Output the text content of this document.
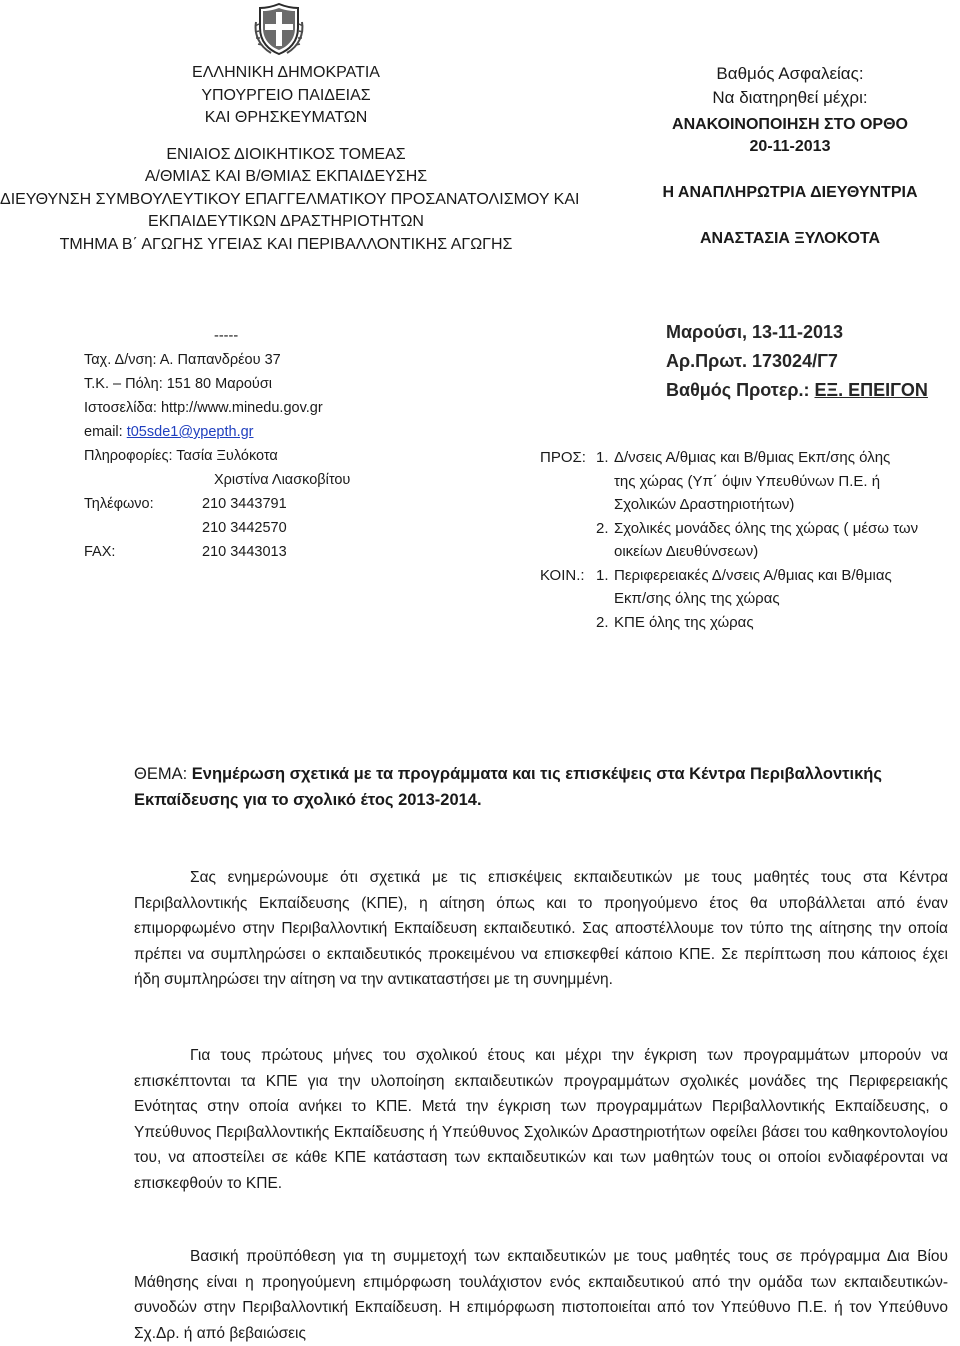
ΕΛΛΗΝΙΚΗ ΔΗΜΟΚΡΑΤΙΑ
ΥΠΟΥΡΓΕΙΟ ΠΑΙΔΕΙΑΣ
ΚΑΙ ΘΡΗΣΚΕΥΜΑΤΩΝ
ΕΝΙΑΙΟΣ ΔΙΟΙΚΗΤΙΚΟΣ ΤΟΜΕΑΣ
Α/ΘΜΙΑΣ ΚΑΙ Β/ΘΜΙΑΣ ΕΚΠΑΙΔΕΥΣΗΣ
ΔΙΕΥΘΥΝΣΗ ΣΥΜΒΟΥΛΕΥΤΙΚΟΥ ΕΠΑΓΓΕΛΜΑΤΙΚΟΥ ΠΡΟΣΑΝΑΤΟΛΙΣΜΟΥ ΚΑΙ
ΕΚΠΑΙΔΕΥΤΙΚΩΝ ΔΡΑΣΤΗΡΙΟΤΗΤΩΝ
ΤΜΗΜΑ Β΄ ΑΓΩΓΗΣ ΥΓΕΙΑΣ ΚΑΙ ΠΕΡΙΒΑΛΛΟΝΤΙΚΗΣ ΑΓΩΓΗΣ
Βαθμός Ασφαλείας:
Να διατηρηθεί μέχρι:
ΑΝΑΚΟΙΝΟΠΟΙΗΣΗ ΣΤΟ ΟΡΘΟ
20-11-2013
Η ΑΝΑΠΛΗΡΩΤΡΙΑ ΔΙΕΥΘΥΝΤΡΙΑ
ΑΝΑΣΤΑΣΙΑ ΞΥΛΟΚΟΤΑ
-----
Ταχ. Δ/νση: Α. Παπανδρέου 37
Τ.Κ. – Πόλη: 151 80 Μαρούσι
Ιστοσελίδα: http://www.minedu.gov.gr
email: t05sde1@ypepth.gr
Πληροφορίες: Τασία Ξυλόκοτα
Χριστίνα Λιασκοβίτου
Τηλέφωνο:	210 3443791
210 3442570
FAX:	210 3443013
Μαρούσι, 13-11-2013
Αρ.Πρωτ. 173024/Γ7
Βαθμός Προτερ.: ΕΞ. ΕΠΕΙΓΟΝ
ΠΡΟΣ: 1. Δ/νσεις Α/θμιας και Β/θμιας Εκπ/σης όλης
της χώρας (Υπ΄ όψιν Υπευθύνων Π.Ε. ή
Σχολικών Δραστηριοτήτων)
2. Σχολικές μονάδες όλης της χώρας ( μέσω των
οικείων Διευθύνσεων)
ΚΟΙΝ.: 1. Περιφερειακές Δ/νσεις Α/θμιας και Β/θμιας
Εκπ/σης όλης της χώρας
2. ΚΠΕ όλης της χώρας
ΘΕΜΑ: Ενημέρωση σχετικά με τα προγράμματα και τις επισκέψεις στα Κέντρα Περιβαλλοντικής Εκπαίδευσης για το σχολικό έτος 2013-2014.

Σας ενημερώνουμε ότι σχετικά με τις επισκέψεις εκπαιδευτικών με τους μαθητές τους στα Κέντρα Περιβαλλοντικής Εκπαίδευσης (ΚΠΕ), η αίτηση όπως και το προηγούμενο έτος θα υποβάλλεται από έναν επιμορφωμένο στην Περιβαλλοντική Εκπαίδευση εκπαιδευτικό. Σας αποστέλλουμε τον τύπο της αίτησης την οποία πρέπει να συμπληρώσει ο εκπαιδευτικός προκειμένου να επισκεφθεί κάποιο ΚΠΕ. Σε περίπτωση που κάποιος έχει ήδη συμπληρώσει την αίτηση να την αντικαταστήσει με τη συνημμένη.

Για τους πρώτους μήνες του σχολικού έτους και μέχρι την έγκριση των προγραμμάτων μπορούν να επισκέπτονται τα ΚΠΕ για την υλοποίηση εκπαιδευτικών προγραμμάτων σχολικές μονάδες της Περιφερειακής Ενότητας στην οποία ανήκει το ΚΠΕ. Μετά την έγκριση των προγραμμάτων Περιβαλλοντικής Εκπαίδευσης, ο Υπεύθυνος Περιβαλλοντικής Εκπαίδευσης ή Υπεύθυνος Σχολικών Δραστηριοτήτων οφείλει βάσει του καθηκοντολογίου του, να αποστείλει σε κάθε ΚΠΕ κατάσταση των εκπαιδευτικών και των μαθητών τους οι οποίοι ενδιαφέρονται να επισκεφθούν το ΚΠΕ.

Βασική προϋπόθεση για τη συμμετοχή των εκπαιδευτικών με τους μαθητές τους σε πρόγραμμα Δια Βίου Μάθησης είναι η προηγούμενη επιμόρφωση τουλάχιστον ενός εκπαιδευτικού από την ομάδα των εκπαιδευτικών-συνοδών στην Περιβαλλοντική Εκπαίδευση. Η επιμόρφωση πιστοποιείται από τον Υπεύθυνο Π.Ε. ή τον Υπεύθυνο Σχ.Δρ. ή από βεβαιώσεις
